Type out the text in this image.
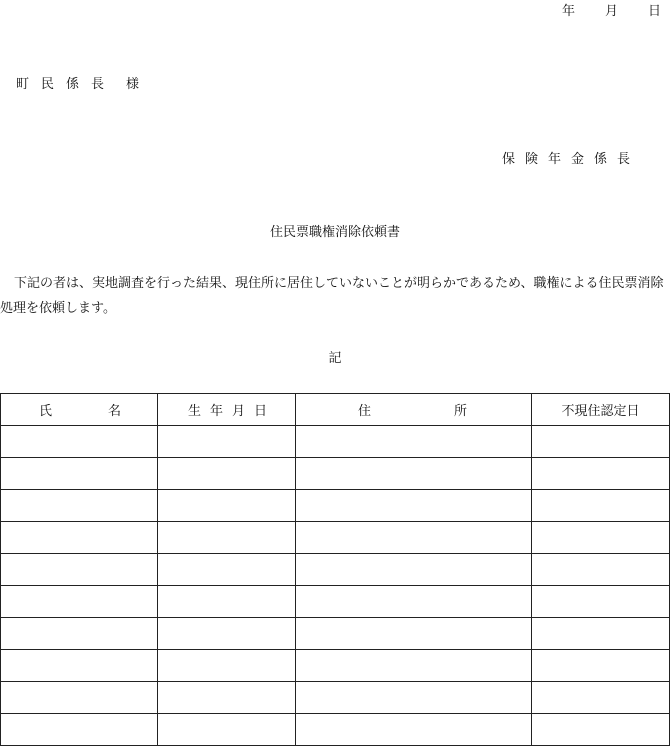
年 月 日
町民係長 様
保険年金係長
住民票職権消除依頼書
下記の者は、実地調査を行った結果、現住所に居住していないことが明らかであるため、職権による住民票消除処理を依頼します。
記
氏 名	生 年 月 日	住 所	不現住認定日
